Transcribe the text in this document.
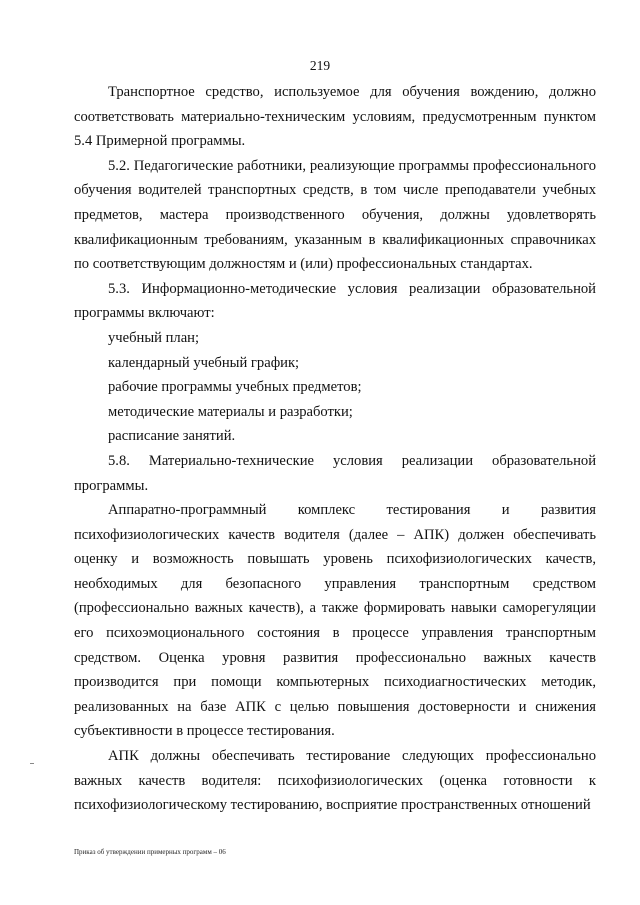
219

Транспортное средство, используемое для обучения вождению, должно соответствовать материально-техническим условиям, предусмотренным пунктом 5.4 Примерной программы.

5.2. Педагогические работники, реализующие программы профессионального обучения водителей транспортных средств, в том числе преподаватели учебных предметов, мастера производственного обучения, должны удовлетворять квалификационным требованиям, указанным в квалификационных справочниках по соответствующим должностям и (или) профессиональных стандартах.

5.3. Информационно-методические условия реализации образовательной программы включают:

учебный план;

календарный учебный график;

рабочие программы учебных предметов;

методические материалы и разработки;

расписание занятий.

5.8. Материально-технические условия реализации образовательной программы.

Аппаратно-программный комплекс тестирования и развития психофизиологических качеств водителя (далее – АПК) должен обеспечивать оценку и возможность повышать уровень психофизиологических качеств, необходимых для безопасного управления транспортным средством (профессионально важных качеств), а также формировать навыки саморегуляции его психоэмоционального состояния в процессе управления транспортным средством. Оценка уровня развития профессионально важных качеств производится при помощи компьютерных психодиагностических методик, реализованных на базе АПК с целью повышения достоверности и снижения субъективности в процессе тестирования.

АПК должны обеспечивать тестирование следующих профессионально важных качеств водителя: психофизиологических (оценка готовности к психофизиологическому тестированию, восприятие пространственных отношений

Приказ об утверждении примерных программ – 06
